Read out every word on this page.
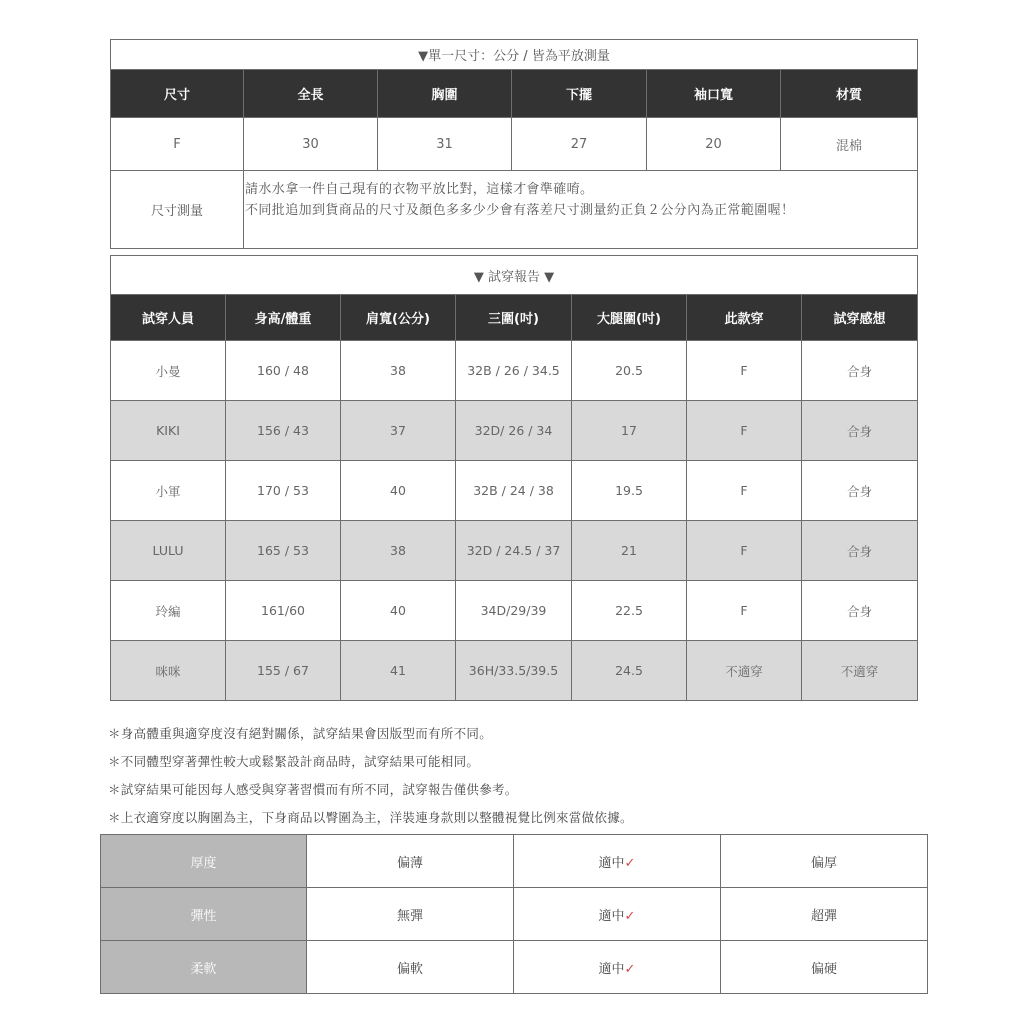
▼單一尺寸：公分 / 皆為平放測量					
尺寸	全長	胸圍	下擺	袖口寬	材質
F	30	31	27	20	混棉
尺寸測量	請水水拿一件自己現有的衣物平放比對，這樣才會準確唷。
不同批追加到貨商品的尺寸及顏色多多少少會有落差尺寸測量約正負２公分內為正常範圍喔！				
▼ 試穿報告 ▼						
試穿人員	身高/體重	肩寬(公分)	三圍(吋)	大腿圍(吋)	此款穿	試穿感想
小曼	160 / 48	38	32B / 26 / 34.5	20.5	F	合身
KIKI	156 / 43	37	32D/ 26 / 34	17	F	合身
小軍	170 / 53	40	32B / 24 / 38	19.5	F	合身
LULU	165 / 53	38	32D / 24.5 / 37	21	F	合身
玲編	161/60	40	34D/29/39	22.5	F	合身
咪咪	155 / 67	41	36H/33.5/39.5	24.5	不適穿	不適穿
＊身高體重與適穿度沒有絕對關係，試穿結果會因版型而有所不同。
＊不同體型穿著彈性較大或鬆緊設計商品時，試穿結果可能相同。
＊試穿結果可能因每人感受與穿著習慣而有所不同，試穿報告僅供參考。
＊上衣適穿度以胸圍為主，下身商品以臀圍為主，洋裝連身款則以整體視覺比例來當做依據。
厚度	偏薄	適中✓	偏厚
彈性	無彈	適中✓	超彈
柔軟	偏軟	適中✓	偏硬
